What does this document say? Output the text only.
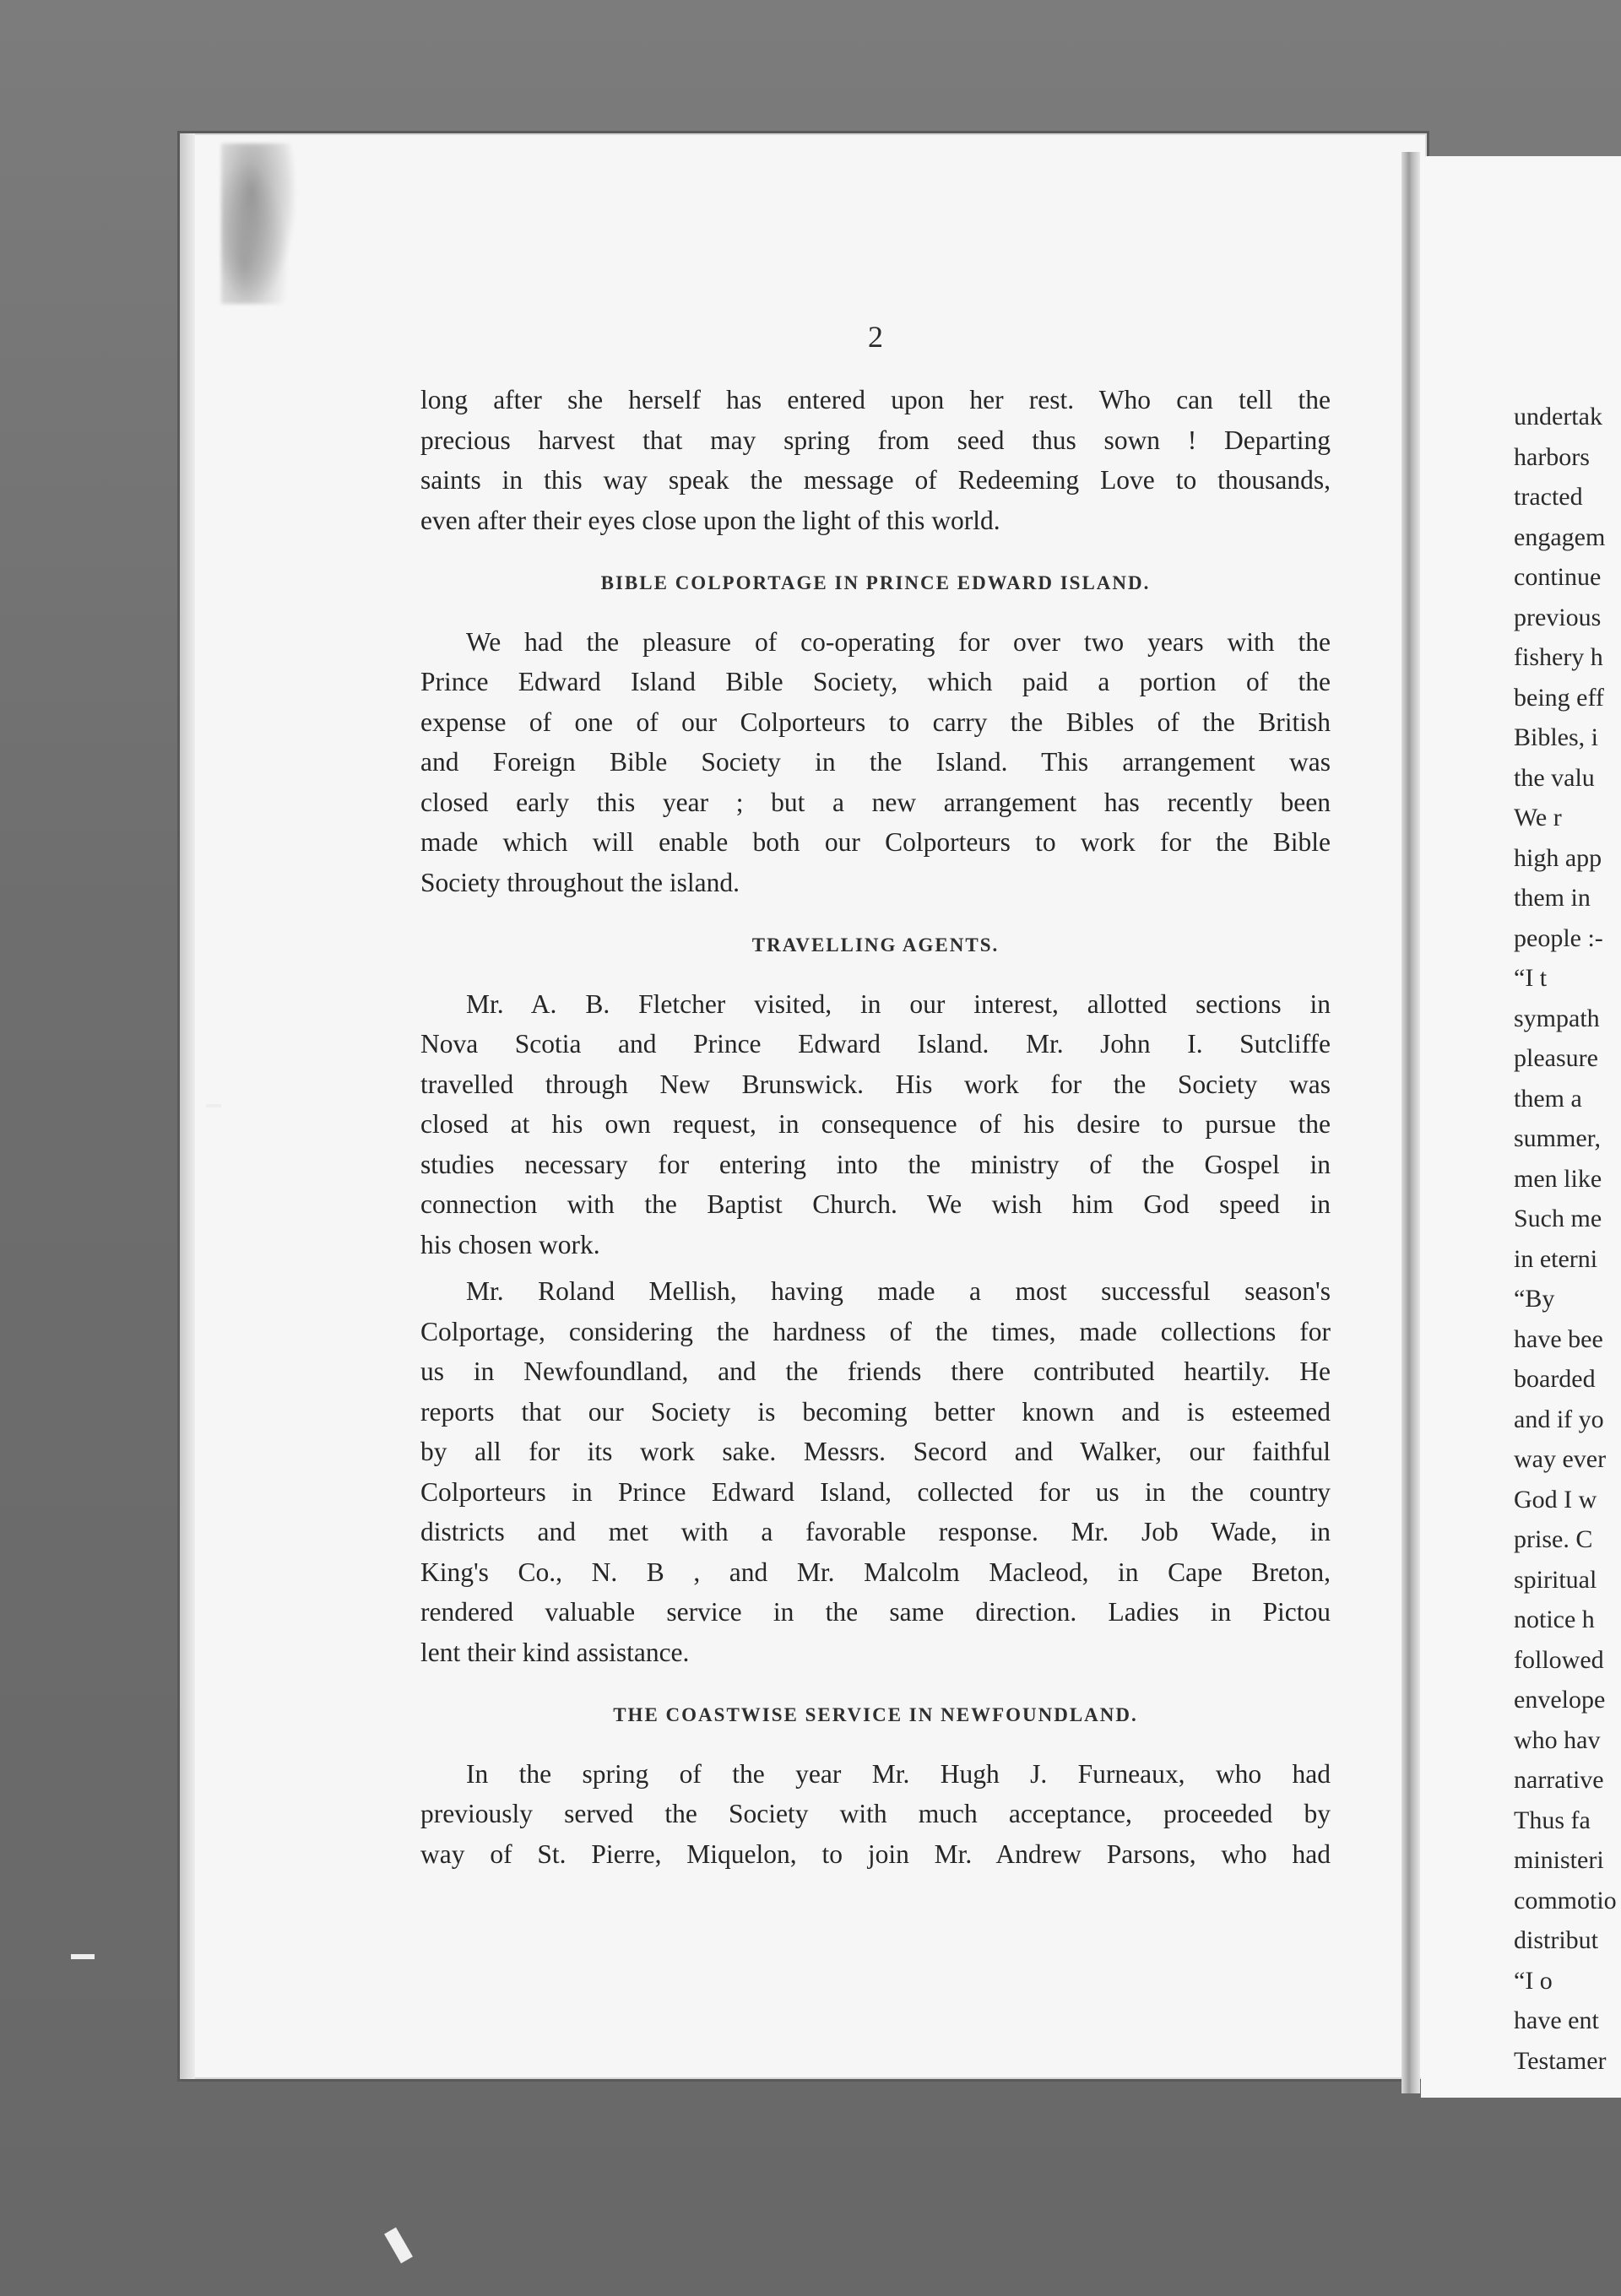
2
long after she herself has entered upon her rest. Who can tell the
precious harvest that may spring from seed thus sown ! Departing
saints in this way speak the message of Redeeming Love to thousands,
even after their eyes close upon the light of this world.
BIBLE COLPORTAGE IN PRINCE EDWARD ISLAND.
We had the pleasure of co-operating for over two years with the
Prince Edward Island Bible Society, which paid a portion of the
expense of one of our Colporteurs to carry the Bibles of the British
and Foreign Bible Society in the Island. This arrangement was
closed early this year ; but a new arrangement has recently been
made which will enable both our Colporteurs to work for the Bible
Society throughout the island.
TRAVELLING AGENTS.
Mr. A. B. Fletcher visited, in our interest, allotted sections in
Nova Scotia and Prince Edward Island. Mr. John I. Sutcliffe
travelled through New Brunswick. His work for the Society was
closed at his own request, in consequence of his desire to pursue the
studies necessary for entering into the ministry of the Gospel in
connection with the Baptist Church. We wish him God speed in
his chosen work.
Mr. Roland Mellish, having made a most successful season's
Colportage, considering the hardness of the times, made collections for
us in Newfoundland, and the friends there contributed heartily. He
reports that our Society is becoming better known and is esteemed
by all for its work sake. Messrs. Secord and Walker, our faithful
Colporteurs in Prince Edward Island, collected for us in the country
districts and met with a favorable response. Mr. Job Wade, in
King's Co., N. B , and Mr. Malcolm Macleod, in Cape Breton,
rendered valuable service in the same direction. Ladies in Pictou
lent their kind assistance.
THE COASTWISE SERVICE IN NEWFOUNDLAND.
In the spring of the year Mr. Hugh J. Furneaux, who had
previously served the Society with much acceptance, proceeded by
way of St. Pierre, Miquelon, to join Mr. Andrew Parsons, who had
undertak
harbors
tracted
engagem
continue
previous
fishery h
being eff
Bibles, i
the valu

We r
high app
them in
people :-
“I t
sympath
pleasure
them a
summer,
men like
Such me
in eterni
“By
have bee
boarded
and if yo
way ever
God I w
prise. C
spiritual
notice h
followed
envelope
who hav
narrative
Thus fa
ministeri
commotio
distribut
“I o
have ent
Testamer
